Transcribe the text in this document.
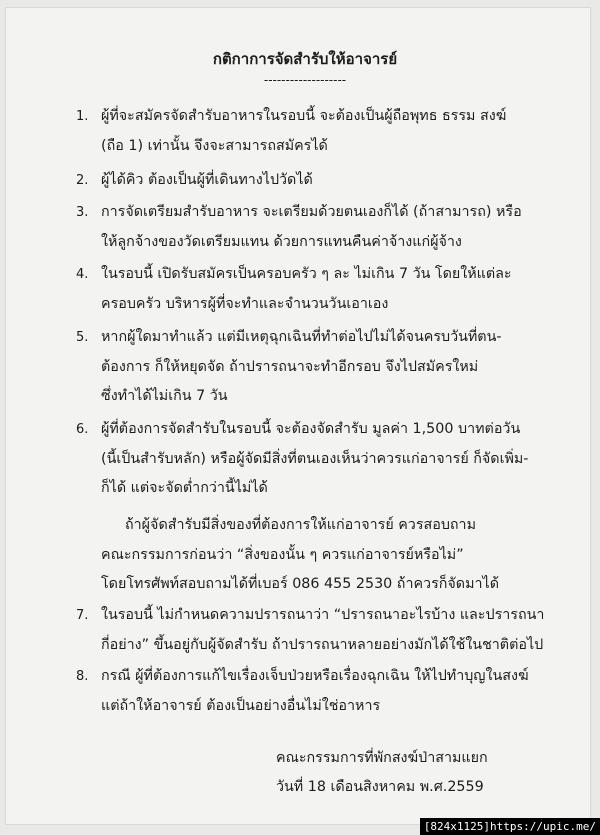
กติกาการจัดสำรับให้อาจารย์
-------------------
1. ผู้ที่จะสมัครจัดสำรับอาหารในรอบนี้ จะต้องเป็นผู้ถือพุทธ ธรรม สงฆ์
(ถือ 1) เท่านั้น จึงจะสามารถสมัครได้
2. ผู้ได้คิว ต้องเป็นผู้ที่เดินทางไปวัดได้
3. การจัดเตรียมสำรับอาหาร จะเตรียมด้วยตนเองก็ได้ (ถ้าสามารถ) หรือ
ให้ลูกจ้างของวัดเตรียมแทน ด้วยการแทนคืนค่าจ้างแก่ผู้จ้าง
4. ในรอบนี้ เปิดรับสมัครเป็นครอบครัว ๆ ละ ไม่เกิน 7 วัน โดยให้แต่ละ
ครอบครัว บริหารผู้ที่จะทำและจำนวนวันเอาเอง
5. หากผู้ใดมาทำแล้ว แต่มีเหตุฉุกเฉินที่ทำต่อไปไม่ได้จนครบวันที่ตน-
ต้องการ ก็ให้หยุดจัด ถ้าปรารถนาจะทำอีกรอบ จึงไปสมัครใหม่
ซึ่งทำได้ไม่เกิน 7 วัน
6. ผู้ที่ต้องการจัดสำรับในรอบนี้ จะต้องจัดสำรับ มูลค่า 1,500 บาทต่อวัน
(นี้เป็นสำรับหลัก) หรือผู้จัดมีสิ่งที่ตนเองเห็นว่าควรแก่อาจารย์ ก็จัดเพิ่ม-
ก็ได้ แต่จะจัดต่ำกว่านี้ไม่ได้
ถ้าผู้จัดสำรับมีสิ่งของที่ต้องการให้แก่อาจารย์ ควรสอบถาม
คณะกรรมการก่อนว่า “สิ่งของนั้น ๆ ควรแก่อาจารย์หรือไม่”
โดยโทรศัพท์สอบถามได้ที่เบอร์ 086 455 2530 ถ้าควรก็จัดมาได้
7. ในรอบนี้ ไม่กำหนดความปรารถนาว่า “ปรารถนาอะไรบ้าง และปรารถนา
กี่อย่าง” ขึ้นอยู่กับผู้จัดสำรับ ถ้าปรารถนาหลายอย่างมักได้ใช้ในชาติต่อไป
8. กรณี ผู้ที่ต้องการแก้ไขเรื่องเจ็บป่วยหรือเรื่องฉุกเฉิน ให้ไปทำบุญในสงฆ์
แต่ถ้าให้อาจารย์ ต้องเป็นอย่างอื่นไม่ใช่อาหาร
คณะกรรมการที่พักสงฆ์ป่าสามแยก
วันที่ 18 เดือนสิงหาคม พ.ศ.2559
[824x1125]https://upic.me/
